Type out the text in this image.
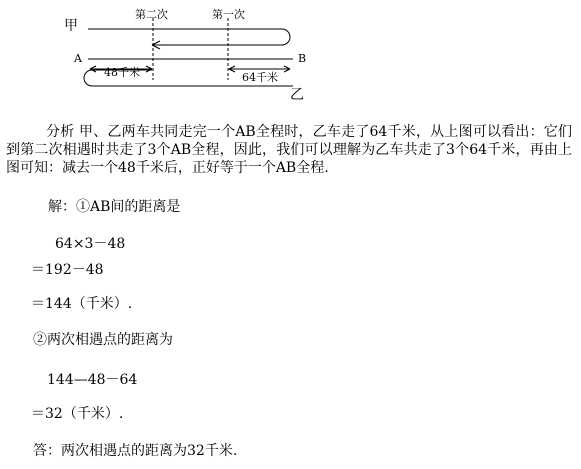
甲
A	B
乙
第二次	第一次
48千米	64千米
分析 甲、乙两车共同走完一个AB全程时，乙车走了64千米，从上图可以看出：它们到第二次相遇时共走了3个AB全程，因此，我们可以理解为乙车共走了3个64千米，再由上图可知：减去一个48千米后，正好等于一个AB全程.
解：①AB间的距离是
64×3－48
＝192－48
＝144（千米）.
②两次相遇点的距离为
144—48－64
＝32（千米）.
答：两次相遇点的距离为32千米.
